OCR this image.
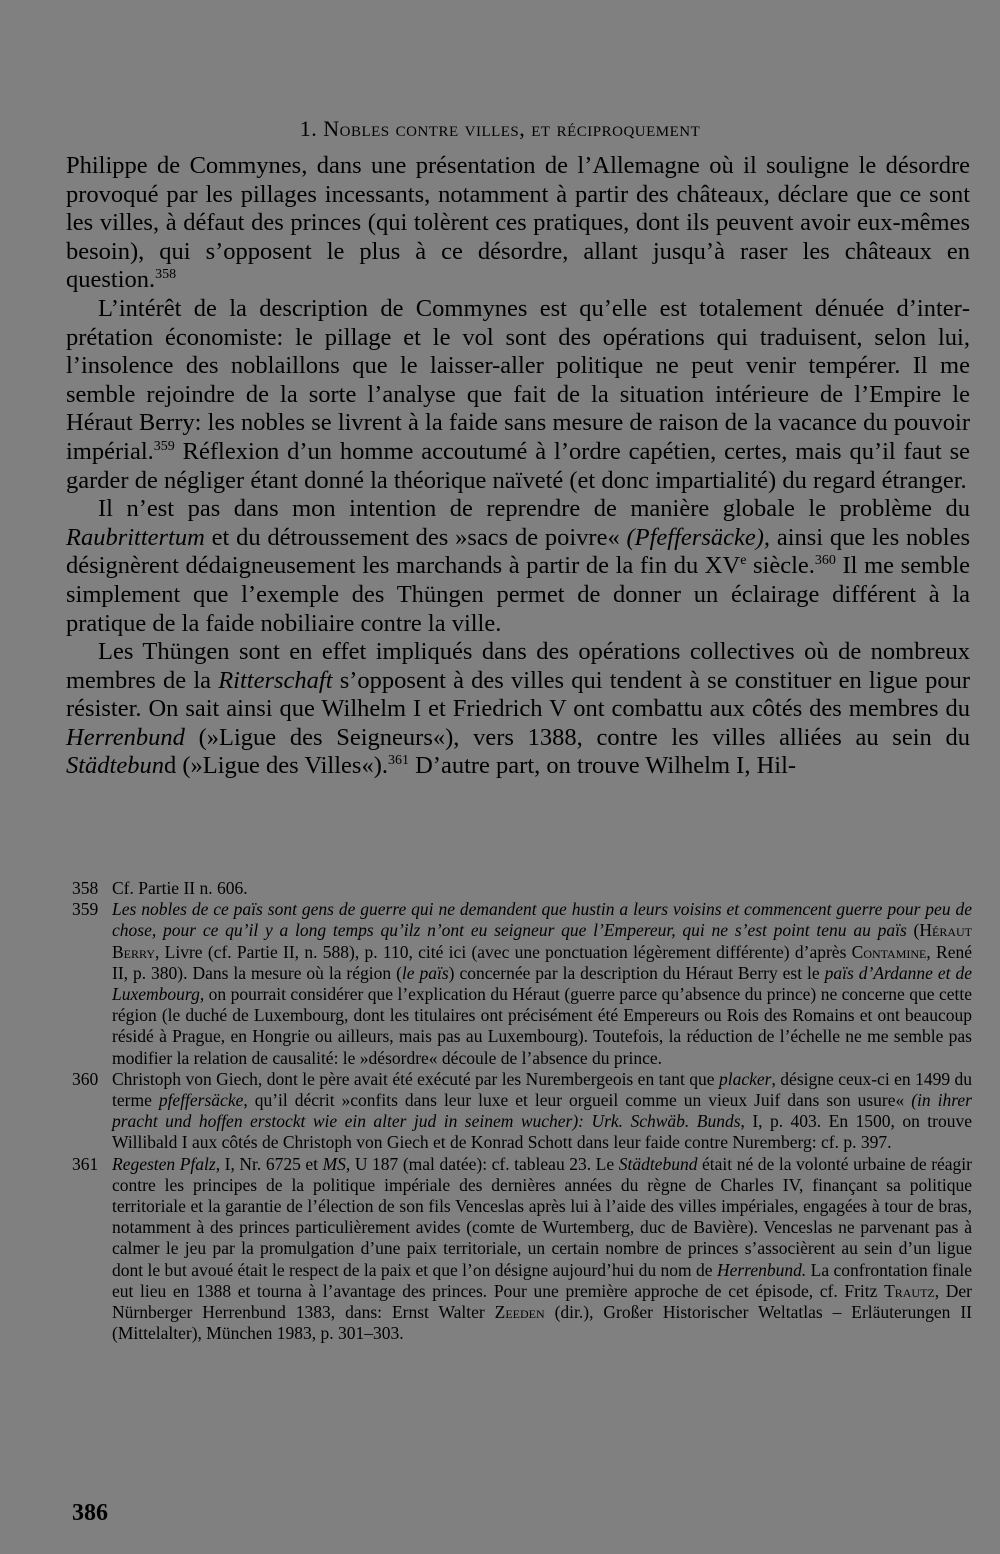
1. Nobles contre villes, et réciproquement

Philippe de Commynes, dans une présentation de l’Allemagne où il souligne le désordre provoqué par les pillages incessants, notamment à partir des châteaux, déclare que ce sont les villes, à défaut des princes (qui tolèrent ces pratiques, dont ils peuvent avoir eux-mêmes besoin), qui s’opposent le plus à ce désordre, allant jusqu’à raser les châteaux en question.$^{358}$

L’intérêt de la description de Commynes est qu’elle est totalement dénuée d’interprétation économiste: le pillage et le vol sont des opérations qui traduisent, selon lui, l’insolence des noblaillons que le laisser-aller politique ne peut venir tempérer. Il me semble rejoindre de la sorte l’analyse que fait de la situation intérieure de l’Empire le Héraut Berry: les nobles se livrent à la faide sans mesure de raison de la vacance du pouvoir impérial.$^{359}$ Réflexion d’un homme accoutumé à l’ordre capétien, certes, mais qu’il faut se garder de négliger étant donné la théorique naïveté (et donc impartialité) du regard étranger.

Il n’est pas dans mon intention de reprendre de manière globale le problème du Raubrittertum et du détroussement des »sacs de poivre« (Pfeffersäcke), ainsi que les nobles désignèrent dédaigneusement les marchands à partir de la fin du XVe siècle.$^{360}$ Il me semble simplement que l’exemple des Thüngen permet de donner un éclairage différent à la pratique de la faide nobiliaire contre la ville.

Les Thüngen sont en effet impliqués dans des opérations collectives où de nombreux membres de la Ritterschaft s’opposent à des villes qui tendent à se constituer en ligue pour résister. On sait ainsi que Wilhelm I et Friedrich V ont combattu aux côtés des membres du Herrenbund (»Ligue des Seigneurs«), vers 1388, contre les villes alliées au sein du Städtebund (»Ligue des Villes«).$^{361}$ D’autre part, on trouve Wilhelm I, Hil-

358 Cf. Partie II n. 606.
359 Les nobles de ce païs sont gens de guerre qui ne demandent que hustin a leurs voisins et commencent guerre pour peu de chose, pour ce qu’il y a long temps qu’ilz n’ont eu seigneur que l’Empereur, qui ne s’est point tenu au païs (Héraut Berry, Livre (cf. Partie II, n. 588), p. 110, cité ici (avec une ponctuation légèrement différente) d’après Contamine, René II, p. 380). Dans la mesure où la région (le païs) concernée par la description du Héraut Berry est le païs d’Ardanne et de Luxembourg, on pourrait considérer que l’explication du Héraut (guerre parce qu’absence du prince) ne concerne que cette région (le duché de Luxembourg, dont les titulaires ont précisément été Empereurs ou Rois des Romains et ont beaucoup résidé à Prague, en Hongrie ou ailleurs, mais pas au Luxembourg). Toutefois, la réduction de l’échelle ne me semble pas modifier la relation de causalité: le »désordre« découle de l’absence du prince.
360 Christoph von Giech, dont le père avait été exécuté par les Nurembergeois en tant que placker, désigne ceux-ci en 1499 du terme pfeffersäcke, qu’il décrit »confits dans leur luxe et leur orgueil comme un vieux Juif dans son usure« (in ihrer pracht und hoffen erstockt wie ein alter jud in seinem wucher): Urk. Schwäb. Bunds, I, p. 403. En 1500, on trouve Willibald I aux côtés de Christoph von Giech et de Konrad Schott dans leur faide contre Nuremberg: cf. p. 397.
361 Regesten Pfalz, I, Nr. 6725 et MS, U 187 (mal datée): cf. tableau 23. Le Städtebund était né de la volonté urbaine de réagir contre les principes de la politique impériale des dernières années du règne de Charles IV, finançant sa politique territoriale et la garantie de l’élection de son fils Venceslas après lui à l’aide des villes impériales, engagées à tour de bras, notamment à des princes particulièrement avides (comte de Wurtemberg, duc de Bavière). Venceslas ne parvenant pas à calmer le jeu par la promulgation d’une paix territoriale, un certain nombre de princes s’associèrent au sein d’un ligue dont le but avoué était le respect de la paix et que l’on désigne aujourd’hui du nom de Herrenbund. La confrontation finale eut lieu en 1388 et tourna à l’avantage des princes. Pour une première approche de cet épisode, cf. Fritz Trautz, Der Nürnberger Herrenbund 1383, dans: Ernst Walter Zeeden (dir.), Großer Historischer Weltatlas – Erläuterungen II (Mittelalter), München 1983, p. 301–303.
386
